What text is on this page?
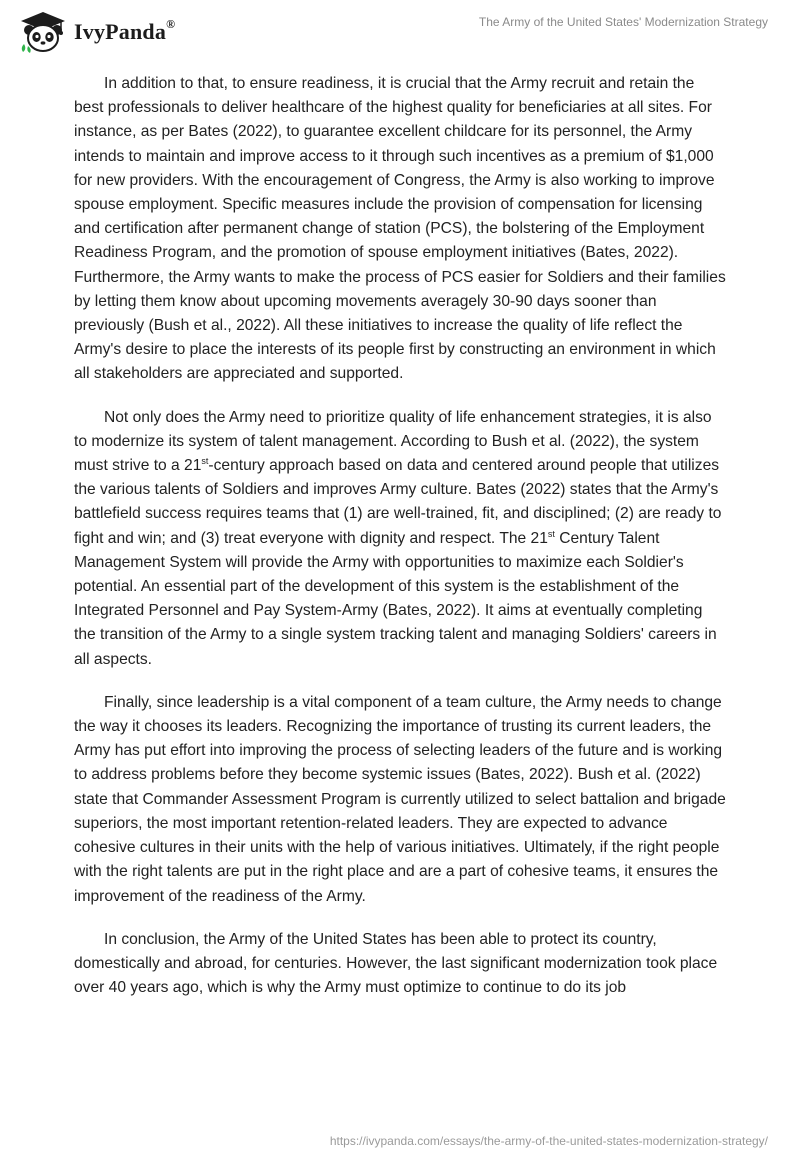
IvyPanda®	The Army of the United States' Modernization Strategy

In addition to that, to ensure readiness, it is crucial that the Army recruit and retain the best professionals to deliver healthcare of the highest quality for beneficiaries at all sites. For instance, as per Bates (2022), to guarantee excellent childcare for its personnel, the Army intends to maintain and improve access to it through such incentives as a premium of $1,000 for new providers. With the encouragement of Congress, the Army is also working to improve spouse employment. Specific measures include the provision of compensation for licensing and certification after permanent change of station (PCS), the bolstering of the Employment Readiness Program, and the promotion of spouse employment initiatives (Bates, 2022). Furthermore, the Army wants to make the process of PCS easier for Soldiers and their families by letting them know about upcoming movements averagely 30-90 days sooner than previously (Bush et al., 2022). All these initiatives to increase the quality of life reflect the Army's desire to place the interests of its people first by constructing an environment in which all stakeholders are appreciated and supported.

Not only does the Army need to prioritize quality of life enhancement strategies, it is also to modernize its system of talent management. According to Bush et al. (2022), the system must strive to a 21st-century approach based on data and centered around people that utilizes the various talents of Soldiers and improves Army culture. Bates (2022) states that the Army's battlefield success requires teams that (1) are well-trained, fit, and disciplined; (2) are ready to fight and win; and (3) treat everyone with dignity and respect. The 21st Century Talent Management System will provide the Army with opportunities to maximize each Soldier's potential. An essential part of the development of this system is the establishment of the Integrated Personnel and Pay System-Army (Bates, 2022). It aims at eventually completing the transition of the Army to a single system tracking talent and managing Soldiers' careers in all aspects.

Finally, since leadership is a vital component of a team culture, the Army needs to change the way it chooses its leaders. Recognizing the importance of trusting its current leaders, the Army has put effort into improving the process of selecting leaders of the future and is working to address problems before they become systemic issues (Bates, 2022). Bush et al. (2022) state that Commander Assessment Program is currently utilized to select battalion and brigade superiors, the most important retention-related leaders. They are expected to advance cohesive cultures in their units with the help of various initiatives. Ultimately, if the right people with the right talents are put in the right place and are a part of cohesive teams, it ensures the improvement of the readiness of the Army.

In conclusion, the Army of the United States has been able to protect its country, domestically and abroad, for centuries. However, the last significant modernization took place over 40 years ago, which is why the Army must optimize to continue to do its job

https://ivypanda.com/essays/the-army-of-the-united-states-modernization-strategy/
